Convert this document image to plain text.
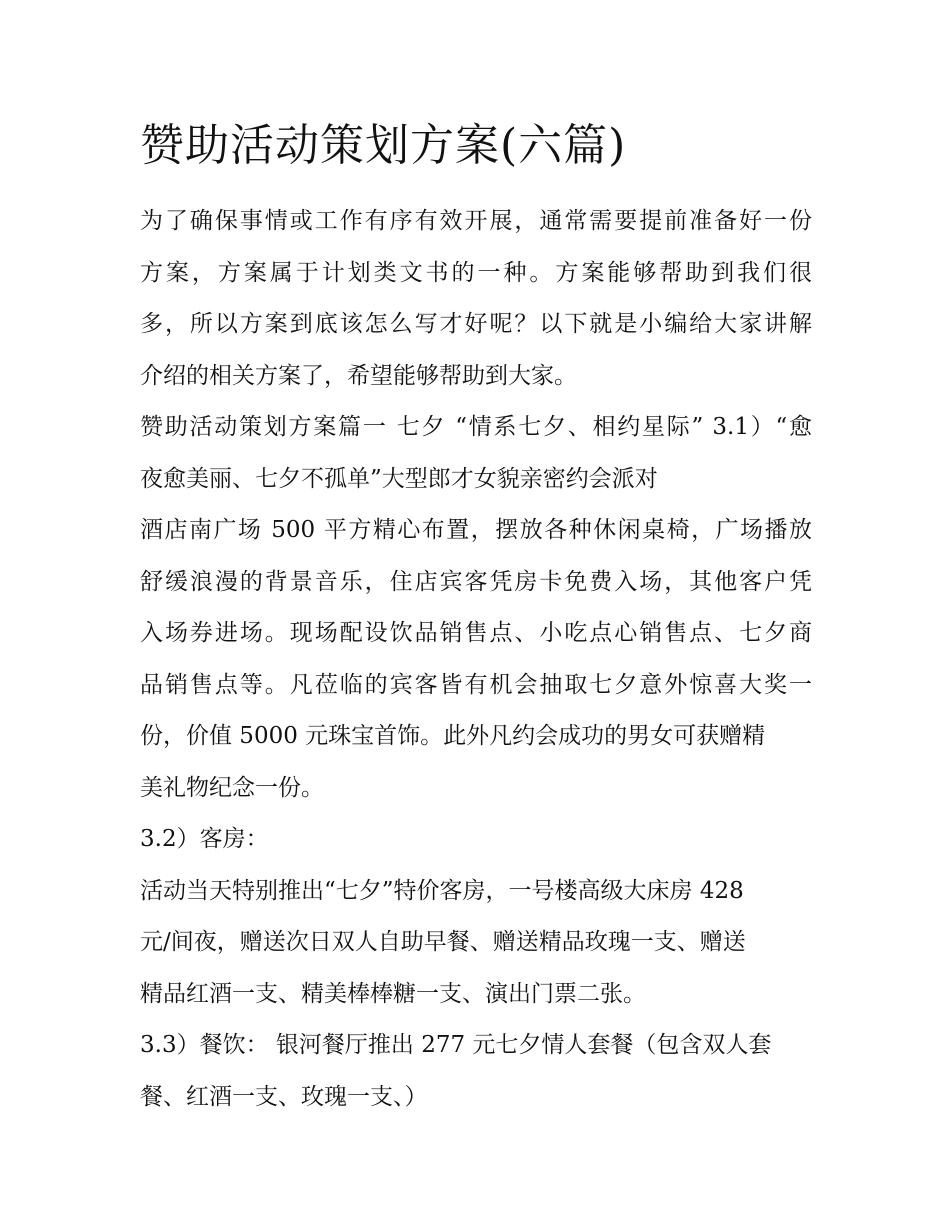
赞助活动策划方案(六篇)
为了确保事情或工作有序有效开展，通常需要提前准备好一份
方案，方案属于计划类文书的一种。方案能够帮助到我们很
多，所以方案到底该怎么写才好呢？以下就是小编给大家讲解
介绍的相关方案了，希望能够帮助到大家。
赞助活动策划方案篇一 七夕 “情系七夕、相约星际” 3.1）“愈
夜愈美丽、七夕不孤单”大型郎才女貌亲密约会派对
酒店南广场 500 平方精心布置，摆放各种休闲桌椅，广场播放
舒缓浪漫的背景音乐，住店宾客凭房卡免费入场，其他客户凭
入场券进场。现场配设饮品销售点、小吃点心销售点、七夕商
品销售点等。凡莅临的宾客皆有机会抽取七夕意外惊喜大奖一
份，价值 5000 元珠宝首饰。此外凡约会成功的男女可获赠精
美礼物纪念一份。
3.2）客房：
活动当天特别推出“七夕”特价客房，一号楼高级大床房 428
元/间夜，赠送次日双人自助早餐、赠送精品玫瑰一支、赠送
精品红酒一支、精美棒棒糖一支、演出门票二张。
3.3）餐饮： 银河餐厅推出 277 元七夕情人套餐（包含双人套
餐、红酒一支、玫瑰一支、）
